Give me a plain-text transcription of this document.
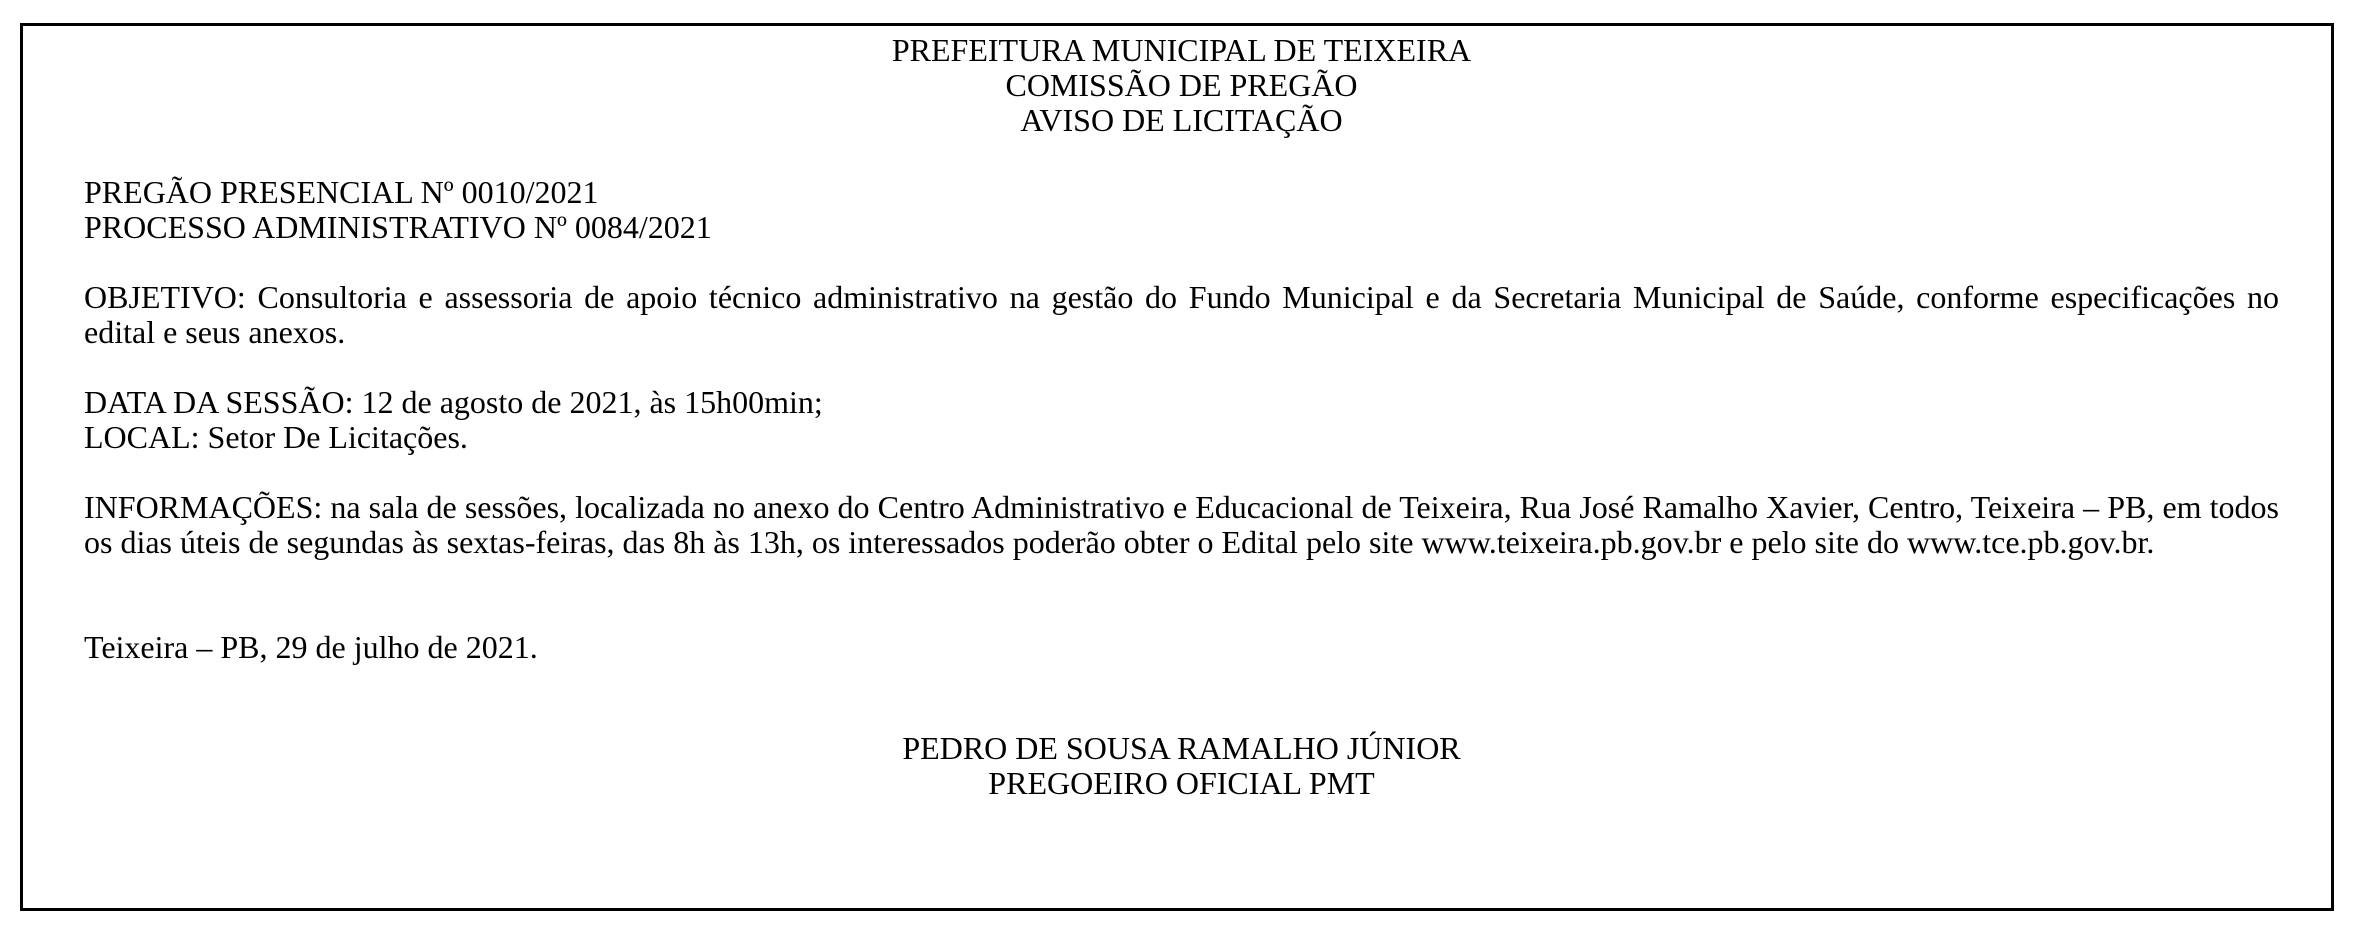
PREFEITURA MUNICIPAL DE TEIXEIRA
COMISSÃO DE PREGÃO
AVISO DE LICITAÇÃO
PREGÃO PRESENCIAL Nº 0010/2021
PROCESSO ADMINISTRATIVO Nº 0084/2021
OBJETIVO: Consultoria e assessoria de apoio técnico administrativo na gestão do Fundo Municipal e da Secretaria Municipal de Saúde, conforme especificações no edital e seus anexos.
DATA DA SESSÃO: 12 de agosto de 2021, às 15h00min;
LOCAL: Setor De Licitações.
INFORMAÇÕES: na sala de sessões, localizada no anexo do Centro Administrativo e Educacional de Teixeira, Rua José Ramalho Xavier, Centro, Teixeira – PB, em todos os dias úteis de segundas às sextas-feiras, das 8h às 13h, os interessados poderão obter o Edital pelo site www.teixeira.pb.gov.br e pelo site do www.tce.pb.gov.br.
Teixeira – PB, 29 de julho de 2021.
PEDRO DE SOUSA RAMALHO JÚNIOR
PREGOEIRO OFICIAL PMT
